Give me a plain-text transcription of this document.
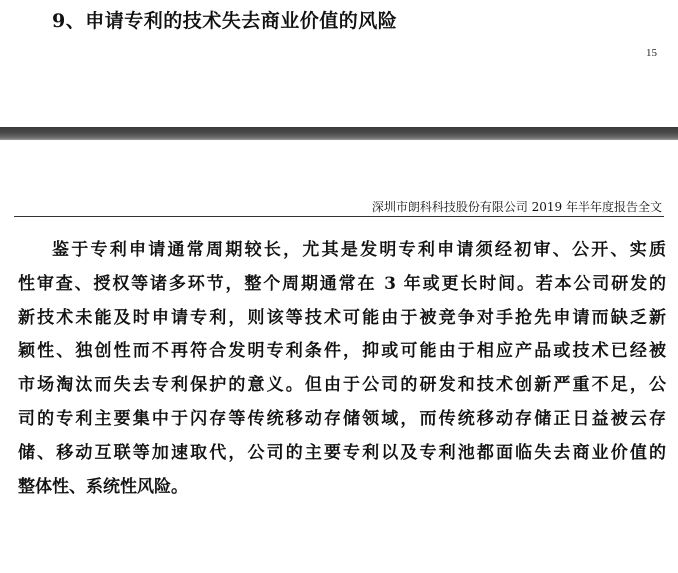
9、申请专利的技术失去商业价值的风险
15
深圳市朗科科技股份有限公司 2019 年半年度报告全文

鉴于专利申请通常周期较长，尤其是发明专利申请须经初审、公开、实质
性审查、授权等诸多环节，整个周期通常在 3 年或更长时间。若本公司研发的
新技术未能及时申请专利，则该等技术可能由于被竞争对手抢先申请而缺乏新
颖性、独创性而不再符合发明专利条件，抑或可能由于相应产品或技术已经被
市场淘汰而失去专利保护的意义。但由于公司的研发和技术创新严重不足，公
司的专利主要集中于闪存等传统移动存储领域，而传统移动存储正日益被云存
储、移动互联等加速取代，公司的主要专利以及专利池都面临失去商业价值的
整体性、系统性风险。
